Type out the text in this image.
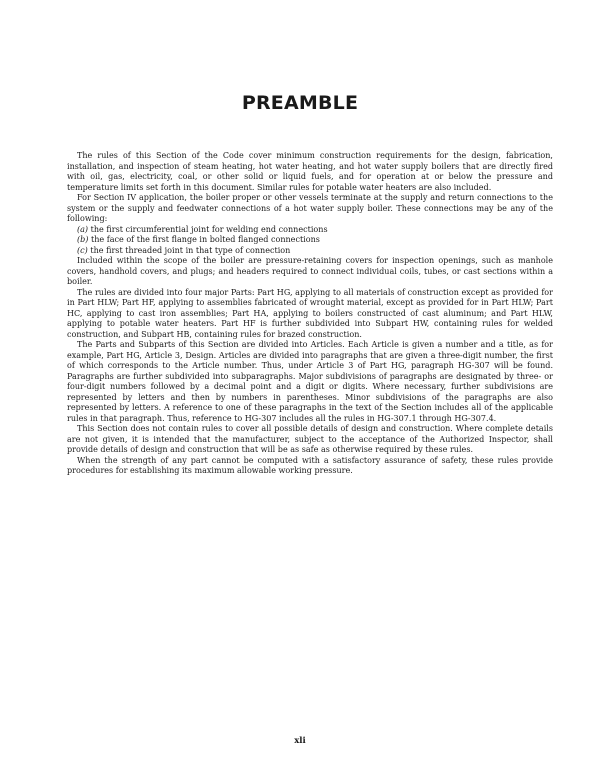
PREAMBLE

The rules of this Section of the Code cover minimum construction requirements for the design, fabrication, installation, and inspection of steam heating, hot water heating, and hot water supply boilers that are directly fired with oil, gas, electricity, coal, or other solid or liquid fuels, and for operation at or below the pressure and temperature limits set forth in this document. Similar rules for potable water heaters are also included.

For Section IV application, the boiler proper or other vessels terminate at the supply and return connections to the system or the supply and feedwater connections of a hot water supply boiler. These connections may be any of the following:

(a) the first circumferential joint for welding end connections

(b) the face of the first flange in bolted flanged connections

(c) the first threaded joint in that type of connection

Included within the scope of the boiler are pressure-retaining covers for inspection openings, such as manhole covers, handhold covers, and plugs; and headers required to connect individual coils, tubes, or cast sections within a boiler.

The rules are divided into four major Parts: Part HG, applying to all materials of construction except as provided for in Part HLW; Part HF, applying to assemblies fabricated of wrought material, except as provided for in Part HLW; Part HC, applying to cast iron assemblies; Part HA, applying to boilers constructed of cast aluminum; and Part HLW, applying to potable water heaters. Part HF is further subdivided into Subpart HW, containing rules for welded construction, and Subpart HB, containing rules for brazed construction.

The Parts and Subparts of this Section are divided into Articles. Each Article is given a number and a title, as for example, Part HG, Article 3, Design. Articles are divided into paragraphs that are given a three-digit number, the first of which corresponds to the Article number. Thus, under Article 3 of Part HG, paragraph HG-307 will be found. Paragraphs are further subdivided into subparagraphs. Major subdivisions of paragraphs are designated by three- or four-digit numbers followed by a decimal point and a digit or digits. Where necessary, further subdivisions are represented by letters and then by numbers in parentheses. Minor subdivisions of the paragraphs are also represented by letters. A reference to one of these paragraphs in the text of the Section includes all of the applicable rules in that paragraph. Thus, reference to HG-307 includes all the rules in HG-307.1 through HG-307.4.

This Section does not contain rules to cover all possible details of design and construction. Where complete details are not given, it is intended that the manufacturer, subject to the acceptance of the Authorized Inspector, shall provide details of design and construction that will be as safe as otherwise required by these rules.

When the strength of any part cannot be computed with a satisfactory assurance of safety, these rules provide procedures for establishing its maximum allowable working pressure.

xli
